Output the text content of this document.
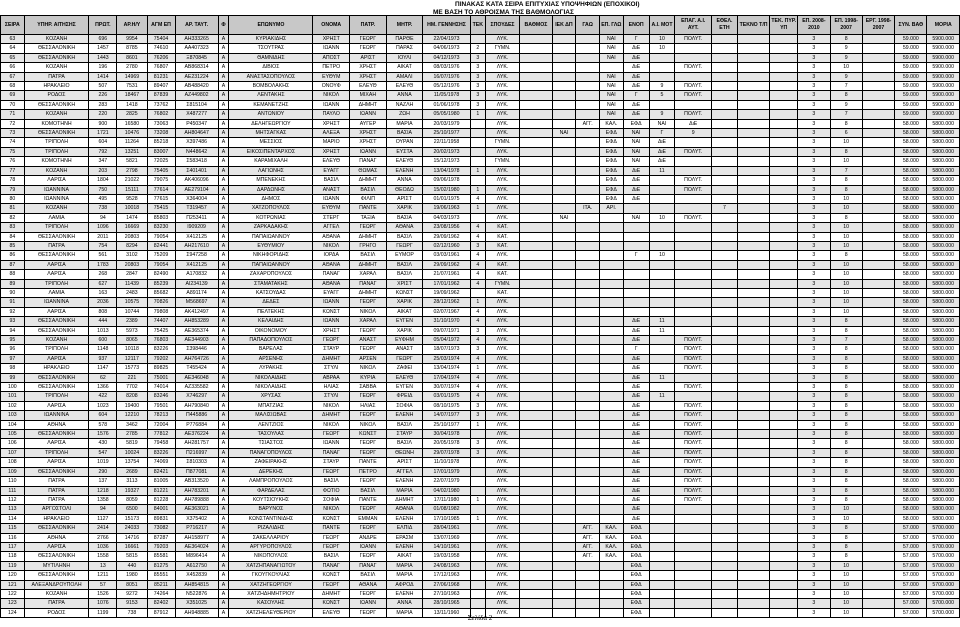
ΠΙΝΑΚΑΣ ΚΑΤΑ ΣΕΙΡΑ ΕΠΙΤΥΧΙΑΣ ΥΠΟΨΗΦΙΩΝ (ΕΠΟΧΙΚΟΙ)
ΜΕ ΒΑΣΗ ΤΟ ΑΘΡΟΙΣΜΑ ΤΗΣ ΒΑΘΜΟΛΟΓΙΑΣ
ΣΕΙΡΑ	ΥΠΗΡ. ΑΙΤΗΣΗΣ	ΠΡΩΤ.	ΑΡ.Η/Υ	ΑΓΜ ΕΠ	ΑΡ. ΤΑΥΤ.	Φ	ΕΠΩΝΥΜΟ	ΟΝΟΜΑ	ΠΑΤΡ.	ΜΗΤΡ.	ΗΜ. ΓΕΝΝΗΣΗΣ	ΤΕΚ	ΣΠΟΥΔΕΣ	ΒΑΘΜΟΣ	ΙΕΚ ΔΠ	ΓΑΩ	ΕΠ. ΓΛΩ	ΕΝΟΠ	Α.Ι. ΜΟΤ	ΕΠΑΓ. Α.Ι. ΑΥΤ.	ΕΘΕΛ. ΕΤΗ	ΤΕΚΝΟ Τ/Π	ΤΕΚ. ΠΥΡ. ΥΠ	ΕΠ. 2008- 2010	ΕΠ. 1998- 2007	ΕΡΓ. 1998- 2007	ΣΥΝ. ΒΑΘ	ΜΟΡΙΑ
63	ΚΟΖΑΝΗ	696	9954	75404	ΑΗ333265	Α	ΚΥΡΙΑΚΙΔΗΣ	ΧΡΗΣΤ	ΓΕΩΡΓ	ΠΑΡΘΕ	22/04/1973		ΛΥΚ.				ΝΑΙ	Γ	10	ΠΟΛΥΤ.				3	8		59.000	5900.000
64	ΘΕΣΣΑΛΟΝΙΚΗ	1457	8785	74610	ΑΑ407323	Α	ΤΣΟΥΤΡΑΣ	ΙΩΑΝΝ	ΓΕΩΡΓ	ΠΑΡΑΣ	04/06/1973	2	ΓΥΜΝ.				ΝΑΙ	ΔιΕ	10					3	9		59.000	5900.000
65	ΘΕΣΣΑΛΟΝΙΚΗ	1443	8601	76206	Ξ870845	Α	ΘΑΜΝΙΔΗΣ	ΑΠΟΣΤ	ΑΡΙΣΤ	ΙΟΥΛΙ	04/12/1973	3	ΛΥΚ.				ΝΑΙ	ΔιΕ						3	9		59.000	5900.000
66	ΚΟΖΑΝΗ	196	2780	76807	ΑΒ868314	Α	ΔΙΒΙΟΣ	ΠΕΤΡΟ	ΧΡΗΣΤ	ΑΙΚΑΤ	08/03/1976	3	ΛΥΚ.					ΔιΕ		ΠΟΛΥΤ.				3	10		59.000	5900.000
67	ΠΑΤΡΑ	1414	14969	81231	ΑΕ231224	Α	ΑΝΑΣΤΑΣΟΠΟΥΛΟΣ	ΕΥΘΥΜ	ΧΡΗΣΤ	ΑΜΑΛΙ	16/07/1976	3	ΛΥΚ.				ΝΑΙ	ΔιΕ						3	9		59.000	5900.000
68	ΗΡΑΚΛΕΙΟ	507	7531	89407	ΑΒ488420	Α	ΒΟΜΒΟΛΑΚΗΣ	ΟΝΟΥΦ	ΕΛΕΥΘ	ΕΛΕΥΘ	05/12/1976	3	ΛΥΚ.				ΝΑΙ	ΔιΕ	9	ΠΟΛΥΤ.				3	7		59.000	5900.000
69	ΡΟΔΟΣ	226	18467	87839	ΑΖ449802	Α	ΛΕΝΤΑΚΗΣ	ΝΙΚΟΛ	ΜΙΧΑΗ	ΑΝΝΑ	11/05/1978	3	ΛΥΚ.				ΝΑΙ	Γ	5	ΠΟΛΥΤ.				3	8		59.000	5900.000
70	ΘΕΣΣΑΛΟΝΙΚΗ	283	1418	73762	Σ815104	Α	ΚΕΜΑΝΕΤΖΗΣ	ΙΩΑΝΝ	ΔΗΜΗΤ	ΝΑΖΛΗ	01/06/1978	3	ΛΥΚ.				ΝΑΙ	ΔιΕ						3	9		59.000	5900.000
71	ΚΟΖΑΝΗ	220	2825	76802	Χ487277	Α	ΑΝΤΩΝΙΟΥ	ΠΑΥΛΟ	ΙΩΑΝΝ	ΖΩΗ	05/05/1980	1	ΛΥΚ.				ΝΑΙ	ΔιΕ	9	ΠΟΛΥΤ.				3	7		59.000	5900.000
72	ΚΟΜΟΤΗΝΗ	900	16580	73063	Ρ450347	Α	ΔΕΛΗΓΕΩΡΓΙΟΥ	ΧΡΗΣΤ	ΑΥΓΕΡ	ΜΑΡΙΑ	20/03/1979		ΛΥΚ.			ΑΓΓ.	ΚΑΛ.	ΕΦΔ	ΝΑΙ	ΔιΕ				3	8		58.000	5800.000
73	ΘΕΣΣΑΛΟΝΙΚΗ	1721	10476	73208	ΑΗ804647	Α	ΜΗΤΣΑΓΚΑΣ	ΑΛΕΞΑ	ΧΡΗΣΤ	ΒΑΣΙΑ	25/10/1977		ΛΥΚ.		ΝΑΙ		ΕΦΔ	ΝΑΙ	Γ	9				3	6		58.000	5800.000
74	ΤΡΙΠΟΛΗ	604	11264	85218	Χ397486	Α	ΜΕΣΣΙΟΣ	ΜΑΡΙΟ	ΧΡΗΣΤ	ΟΥΡΑΝ	22/11/1958		ΓΥΜΝ.				ΕΦΔ	ΝΑΙ	ΔιΕ					3	10		58.000	5800.000
75	ΤΡΙΠΟΛΗ	792	13251	83007	Ν448642	Α	ΕΙΚΟΣΙΠΕΝΤΑΡΧΟΣ	ΧΡΗΣΤ	ΙΩΑΝΝ	ΕΥΣΤΑ	20/02/1973		ΛΥΚ.				ΕΦΔ	ΝΑΙ	ΔιΕ	ΠΟΛΥΤ.				3	8		58.000	5800.000
76	ΚΟΜΟΤΗΝΗ	347	5821	72025	Σ583418	Α	ΚΑΡΑΜΙΧΑΛΗ	ΕΛΕΥΘ	ΠΑΝΑΓ	ΕΛΕΥΘ	15/12/1973		ΓΥΜΝ.				ΕΦΔ	ΝΑΙ	ΔιΕ					3	10		58.000	5800.000
77	ΚΟΖΑΝΗ	203	2798	75405	Σ401401	Α	ΛΑΓΙΩΝΗΣ	ΕΥΑΓΓ	ΘΩΜΑΣ	ΕΛΕΝΗ	13/04/1978	1	ΛΥΚ.				ΕΦΔ	ΔιΕ	11					3	7		58.000	5800.000
78	ΛΑΡΙΣΑ	1804	21022	79075	ΑΚ406096	Α	ΜΠΕΝΕΚΗΣ	ΒΑΣΙΛ	ΔΗΜΗΤ	ΑΝΝΑ	09/06/1978		ΛΥΚ.				ΕΦΔ	ΔιΕ		ΠΟΛΥΤ.				3	8		58.000	5800.000
79	ΙΩΑΝΝΙΝΑ	750	15111	77614	ΑΕ279104	Α	ΔΑΡΔΩΝΗΣ	ΑΝΑΣΤ	ΒΑΣΙΛ	ΘΕΟΔΩ	15/02/1980	1	ΛΥΚ.				ΕΦΔ	ΔιΕ		ΠΟΛΥΤ.				3	8		58.000	5800.000
80	ΙΩΑΝΝΙΝΑ	495	9528	77615	Χ364004	Α	ΔΗΜΟΣ	ΙΩΑΝΝ	ΦΙΛΙΠ	ΑΡΙΣΤ	01/01/1975	4	ΛΥΚ.				ΕΦΔ	ΔιΕ						3	10		58.000	5800.000
81	ΚΟΖΑΝΗ	738	10018	75415	Τ319457	Α	ΧΑΤΖΟΠΟΥΛΟΣ	ΕΥΘΥΜ	ΠΑΝΤΕ	ΧΑΡΙΚ	19/06/1963	1	ΛΥΚ.			ΙΤΑ.	ΑΡΙ.				7			3	10		58.000	5800.000
82	ΛΑΜΙΑ	94	1474	85803	Π253411	Α	ΚΟΤΡΩΝΙΑΣ	ΣΤΕΡΓ	ΤΑΞΙΑ	ΒΑΣΙΑ	04/03/1973		ΛΥΚ.		ΝΑΙ			ΝΑΙ	10	ΠΟΛΥΤ.				3	8		58.000	5800.000
83	ΤΡΙΠΟΛΗ	1096	16669	83230	Ι909209	Α	ΖΑΡΚΑΔΑΚΗΣ	ΑΓΓΕΛ	ΓΕΩΡΓ	ΑΘΑΝΑ	23/08/1956	4	ΚΑΤ.											3	10		58.000	5800.000
84	ΘΕΣΣΑΛΟΝΙΚΗ	2011	20803	79054	Χ412125	Α	ΠΑΠΑΙΩΑΝΝΟΥ	ΑΘΑΝΑ	ΔΗΜΗΤ	ΒΑΣΙΛ	29/09/1962	4	ΚΑΤ.											3	10		58.000	5800.000
85	ΠΑΤΡΑ	754	8294	82441	ΑΗ217610	Α	ΕΥΘΥΜΙΟΥ	ΝΙΚΟΛ	ΓΡΗΓΟ	ΓΕΩΡΓ	02/12/1960	3	ΚΑΤ.											3	10		58.000	5800.000
86	ΘΕΣΣΑΛΟΝΙΚΗ	561	3102	75209	Σ947258	Α	ΝΙΚΗΦΟΡΙΔΗΣ	ΙΟΡΔΑ	ΒΑΣΙΛ	ΕΥΜΟΡ	03/03/1961	4	ΛΥΚ.					Γ	10					3	8		58.000	5800.000
87	ΛΑΡΙΣΑ	1783	20803	79054	Χ412125	Α	ΠΑΠΑΙΩΑΝΝΟΥ	ΑΘΑΝΑ	ΔΗΜΗΤ	ΒΑΣΙΛ	29/09/1962	4	ΚΑΤ.											3	10		58.000	5800.000
88	ΛΑΡΙΣΑ	268	2847	82490	Α170832	Α	ΖΑΧΑΡΟΠΟΥΛΟΣ	ΠΑΝΑΓ	ΧΑΡΑΛ	ΒΑΣΙΛ	21/07/1961	4	ΚΑΤ.											3	10		58.000	5800.000
89	ΤΡΙΠΟΛΗ	627	11439	85239	ΑΙ234139	Α	ΣΤΑΜΑΤΑΚΗΣ	ΑΘΑΝΑ	ΠΑΝΑΓ	ΧΡΙΣΤ	17/01/1962	4	ΓΥΜΝ.											3	10		58.000	5800.000
90	ΛΑΜΙΑ	163	2483	85682	Α891174	Α	ΚΑΤΣΟΥΔΑΣ	ΕΥΑΓΓ	ΔΗΜΗΤ	ΚΩΝΣΤ	19/09/1962		ΚΑΤ.											3	10		58.000	5800.000
91	ΙΩΑΝΝΙΝΑ	2036	10575	70826	Μ568697	Α	ΔΕΔΕΣ	ΙΩΑΝΝ	ΓΕΩΡΓ	ΧΑΡΙΚ	28/12/1962	1	ΛΥΚ.											3	10		58.000	5800.000
92	ΛΑΡΙΣΑ	808	10744	79808	ΑΚ412497	Α	ΠΕΛΤΕΚΗΣ	ΚΩΝΣΤ	ΝΙΚΟΛ	ΑΙΚΑΤ	02/07/1967	4	ΛΥΚ.											3	10		58.000	5800.000
93	ΘΕΣΣΑΛΟΝΙΚΗ	444	2389	74407	ΑΗ853289	Α	ΚΕΛΑΙΔΗΣ	ΙΩΑΝΝ	ΧΑΡΑΛ	ΕΥΓΕΝ	31/10/1970	4	ΛΥΚ.					ΔιΕ	11					3	8		58.000	5800.000
94	ΘΕΣΣΑΛΟΝΙΚΗ	1013	5973	75425	ΑΕ365374	Α	ΟΙΚΟΝΟΜΟΥ	ΧΡΗΣΤ	ΓΕΩΡΓ	ΧΑΡΙΚ	09/07/1971	3	ΛΥΚ.					ΔιΕ	11					3	8		58.000	5800.000
95	ΚΟΖΑΝΗ	600	8065	76803	ΑΕ344903	Α	ΠΑΠΑΔΟΠΟΥΛΟΣ	ΓΕΩΡΓ	ΑΝΑΣΤ	ΕΥΦΗΜ	05/04/1972	4	ΛΥΚ.					ΔιΕ		ΠΟΛΥΤ.				3	7		58.000	5800.000
96	ΤΡΙΠΟΛΗ	1148	10118	83226	Σ398446	Α	ΒΑΡΕΛΑΣ	ΣΤΑΥΡ	ΓΕΩΡΓ	ΑΝΑΣΤ	18/07/1973	3	ΛΥΚ.					Γ		ΠΟΛΥΤ.				3	8		58.000	5800.000
97	ΛΑΡΙΣΑ	937	12117	79202	ΑΗ764726	Α	ΑΡΣΕΝΗΣ	ΔΗΜΗΤ	ΑΡΣΕΝ	ΓΕΩΡΓ	25/03/1974	4	ΛΥΚ.					ΔιΕ		ΠΟΛΥΤ.				3	8		58.000	5800.000
98	ΗΡΑΚΛΕΙΟ	1147	15773	89825	Τ455424	Α	ΛΥΡΑΚΗΣ	ΣΤΥΛΙ	ΝΙΚΟΛ	ΖΑΦΕΙ	13/04/1974	1	ΛΥΚ.					ΔιΕ		ΠΟΛΥΤ.				3	8		58.000	5800.000
99	ΘΕΣΣΑΛΟΝΙΚΗ	62	221	75001	ΑΕ346048	Α	ΝΙΚΟΛΑΙΔΗΣ	ΑΒΡΑΑ	ΚΥΡΙΑ	ΕΛΕΥΘ	17/04/1974	4	ΛΥΚ.					ΔιΕ	11					3	8		58.000	5800.000
100	ΘΕΣΣΑΛΟΝΙΚΗ	1366	7702	74014	ΑΖ335582	Α	ΝΙΚΟΛΑΙΔΗΣ	ΗΛΙΑΣ	ΣΑΒΒΑ	ΕΥΓΕΝ	30/07/1974	4	ΛΥΚ.					ΔιΕ		ΠΟΛΥΤ.				3	8		58.000	5800.000
101	ΤΡΙΠΟΛΗ	422	8208	83246	Χ746297	Α	ΧΡΥΣΑΣ	ΣΤΥΛΙ	ΓΕΩΡΓ	ΦΡΕΙΔ	03/01/1975	4	ΛΥΚ.					ΔιΕ	11					3	8		58.000	5800.000
102	ΛΑΡΙΣΑ	1023	19400	79501	ΑΗ790840	Α	ΜΠΑΤΖΙΑΣ	ΝΙΚΟΛ	ΗΛΙΑΣ	ΣΟΦΙΑ	08/10/1975	3	ΛΥΚ.					ΔιΕ		ΠΟΛΥΤ.				3	8		58.000	5800.000
103	ΙΩΑΝΝΙΝΑ	604	12210	78213	Π445886	Α	ΜΑΛΙΣΙΩΒΑΣ	ΔΗΜΗΤ	ΓΕΩΡΓ	ΕΛΕΝΗ	14/07/1977	3	ΛΥΚ.					ΔιΕ		ΠΟΛΥΤ.				3	8		58.000	5800.000
104	ΑΘΗΝΑ	578	3462	72004	Ρ776884	Α	ΛΕΝΤΖΙΟΣ	ΝΙΚΟΛ	ΝΙΚΟΛ	ΒΑΣΙΛ	25/10/1977	1	ΛΥΚ.					ΔιΕ		ΠΟΛΥΤ.				3	8		58.000	5800.000
105	ΘΕΣΣΑΛΟΝΙΚΗ	1576	2785	77812	ΑΕ376224	Α	ΤΑΣΟΥΛΑΣ	ΓΕΩΡΓ	ΚΩΝΣΤ	ΣΤΑΥΡ	30/04/1978		ΛΥΚ.					ΔιΕ		ΠΟΛΥΤ.				3	8		58.000	5800.000
106	ΛΑΡΙΣΑ	430	5819	79458	ΑΗ281757	Α	ΤΣΙΑΣΤΟΣ	ΙΩΑΝΝ	ΓΕΩΡΓ	ΒΑΣΙΛ	20/05/1978	3	ΛΥΚ.					ΔιΕ		ΠΟΛΥΤ.				3	8		58.000	5800.000
107	ΤΡΙΠΟΛΗ	547	10024	83226	Π216997	Α	ΠΑΝΑΓΟΠΟΥΛΟΣ	ΠΑΝΑΓ	ΓΕΩΡΓ	ΘΕΩΝΗ	29/07/1978	3	ΛΥΚ.					ΔιΕ		ΠΟΛΥΤ.				3	8		58.000	5800.000
108	ΛΑΡΙΣΑ	1019	13754	74069	Σ810303	Α	ΖΑΦΕΙΡΑΚΗΣ	ΣΤΑΥΡ	ΠΑΝΤΕ	ΑΡΙΣΤ	11/10/1978		ΛΥΚ.					ΔιΕ		ΠΟΛΥΤ.				3	8		58.000	5800.000
109	ΘΕΣΣΑΛΟΝΙΚΗ	290	2689	82421	Π877081	Α	ΔΕΡΕΚΗΣ	ΓΕΩΡΓ	ΠΕΤΡΟ	ΑΓΓΕΛ	17/01/1979		ΛΥΚ.					ΔιΕ		ΠΟΛΥΤ.				3	8		58.000	5800.000
110	ΠΑΤΡΑ	137	3113	81005	ΑΒ313520	Α	ΛΑΜΠΡΟΠΟΥΛΟΣ	ΒΑΣΙΛ	ΓΕΩΡΓ	ΕΛΕΝΗ	22/07/1979		ΛΥΚ.					ΔιΕ		ΠΟΛΥΤ.				3	8		58.000	5800.000
111	ΠΑΤΡΑ	1218	19327	81221	ΑΗ783201	Α	ΦΑΡΔΕΛΑΣ	ΦΩΤΙΟ	ΒΑΣΙΛ	ΜΑΡΙΑ	04/02/1980		ΛΥΚ.					ΔιΕ		ΠΟΛΥΤ.				3	8		58.000	5800.000
112	ΠΑΤΡΑ	1358	8059	81228	ΑΗ789888	Α	ΚΟΥΤΣΙΟΥΚΗΣ	ΣΟΦΙΑ	ΠΑΝΤΕ	ΔΗΜΗΤ	17/11/1980	1	ΛΥΚ.					ΔιΕ		ΠΟΛΥΤ.				3	8		58.000	5800.000
113	ΑΡΓΟΣΤΟΛΙ	94	6500	84001	ΑΕ363021	Α	ΒΑΡΥΝΟΣ	ΝΙΚΟΛ	ΓΕΩΡΓ	ΑΘΑΝΑ	01/08/1982		ΛΥΚ.					ΔιΕ						3	10		58.000	5800.000
114	ΗΡΑΚΛΕΙΟ	1127	15173	89831	Χ375402	Α	ΚΩΝΣΤΑΝΤΙΝΙΔΗΣ	ΚΩΝΣΤ	ΕΜΜΑΝ	ΕΛΕΝΗ	17/10/1985	1	ΛΥΚ.					ΔιΕ						3	10		58.000	5800.000
115	ΘΕΣΣΑΛΟΝΙΚΗ	2414	24033	73082	Ρ716217	Α	ΡΙΖΑΛΙΔΗΣ	ΠΑΝΤΕ	ΓΕΩΡΓ	ΕΛΠΙΔ	28/04/1961		ΛΥΚ.			ΑΓΓ.	ΚΑΛ.	ΕΦΔ						3	8		57.000	5700.000
116	ΑΘΗΝΑ	2766	14716	87287	ΑΗ158977	Α	ΣΑΚΕΛΛΑΡΙΟΥ	ΓΕΩΡΓ	ΑΝΔΡΕ	ΕΡΑΣΜ	13/07/1969		ΛΥΚ.			ΑΓΓ.	ΚΑΛ.	ΕΦΔ						3	8		57.000	5700.000
117	ΛΑΡΙΣΑ	1036	16661	79203	ΑΕ364024	Α	ΑΡΓΥΡΟΠΟΥΛΟΣ	ΓΕΩΡΓ	ΙΩΑΝΝ	ΕΛΕΝΗ	14/10/1961		ΛΥΚ.			ΑΓΓ.	ΚΑΛ.	ΕΦΔ						3	8		57.000	5700.000
118	ΘΕΣΣΑΛΟΝΙΚΗ	1558	5815	85581	Μ896414	Α	ΝΙΚΟΠΟΥΛΟΣ	ΒΑΣΙΛ	ΓΕΩΡΓ	ΑΙΚΑΤ	19/03/1958		ΛΥΚ.			ΑΓΓ.	ΚΑΛ.	ΕΦΔ						3	8		57.000	5700.000
119	ΜΥΤΙΛΗΝΗ	13	440	81275	Α612750	Α	ΧΑΤΖΗΠΑΝΑΓΙΩΤΟΥ	ΠΑΝΑΓ	ΠΑΝΑΓ	ΜΑΡΙΑ	24/08/1963		ΛΥΚ.					ΕΦΔ						3	10		57.000	5700.000
120	ΘΕΣΣΑΛΟΝΙΚΗ	1211	1980	85551	Χ452839	Α	ΓΚΟΥΓΚΟΥΛΙΑΣ	ΚΩΝΣΤ	ΒΑΣΙΛ	ΜΑΡΙΑ	17/12/1963		ΛΥΚ.					ΕΦΔ						3	10		57.000	5700.000
121	ΑΛΕΞΑΝΔΡΟΥΠΟΛΗ	57	8051	85211	ΑΗ854815	Α	ΧΑΤΖΗΓΕΩΡΓΙΟΥ	ΓΕΩΡΓ	ΑΘΑΝΑ	ΑΦΡΟΔ	27/06/1968		ΛΥΚ.					ΕΦΔ						3	10		57.000	5700.000
122	ΚΟΖΑΝΗ	1526	9272	74264	Ν522876	Α	ΧΑΤΖΗΔΗΜΗΤΡΙΟΥ	ΔΗΜΗΤ	ΓΕΩΡΓ	ΕΛΕΝΗ	27/10/1963		ΛΥΚ.					ΕΦΔ						3	10		57.000	5700.000
123	ΠΑΤΡΑ	1076	9153	82402	Χ351025	Α	ΚΑΣΟΥΛΗΣ	ΚΩΝΣΤ	ΙΩΑΝΝ	ΑΝΝΑ	28/10/1965		ΛΥΚ.					ΕΦΔ						3	10		57.000	5700.000
124	ΡΟΔΟΣ	1199	738	87912	ΑΗ948885	Α	ΧΑΤΖΗΕΛΕΥΘΕΡΙΟΥ	ΕΛΕΥΘ	ΓΕΩΡΓ	ΜΑΡΙΑ	13/11/1960		ΛΥΚ.					ΕΦΔ						3	10		57.000	5700.000
Σελίδα 2
